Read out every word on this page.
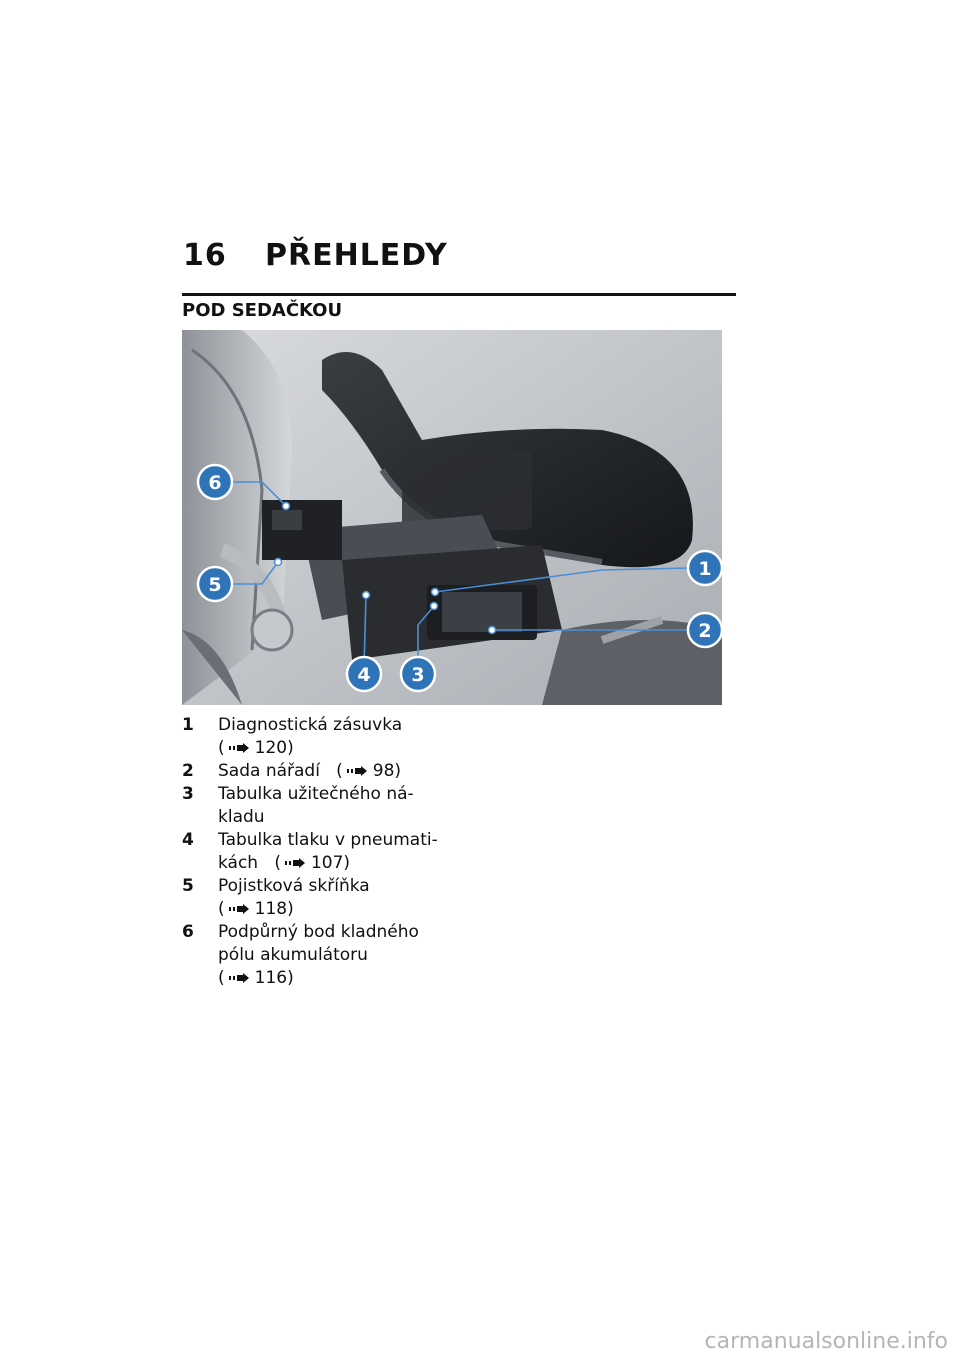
16 PŘEHLEDY
POD SEDAČKOU
6
5
1
2
4 3
1	Diagnostická zásuvka
( 120)
2	Sada nářadí ( 98)
3	Tabulka užitečného ná-
kladu
4	Tabulka tlaku v pneumati-
kách ( 107)
5	Pojistková skříňka
( 118)
6	Podpůrný bod kladného
pólu akumulátoru
( 116)
carmanualsonline.info
